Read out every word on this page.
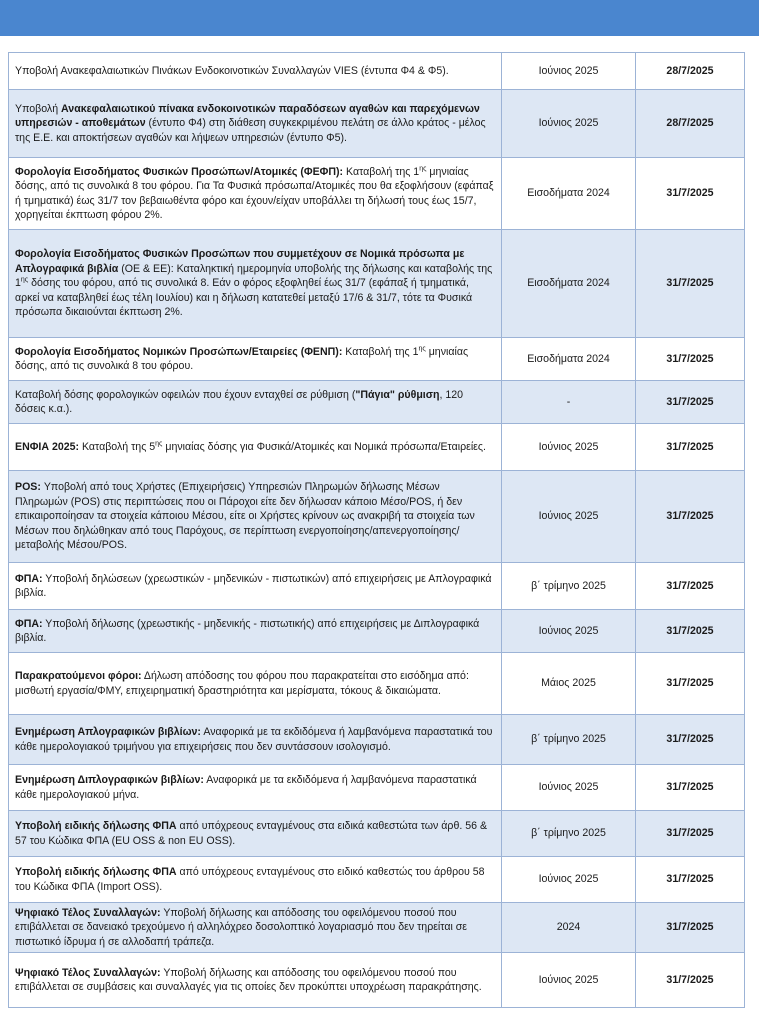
Υποβολή Ανακεφαλαιωτικών Πινάκων Ενδοκοινοτικών Συναλλαγών VIES (έντυπα Φ4 & Φ5).	Ιούνιος 2025	28/7/2025
Υποβολή Ανακεφαλαιωτικού πίνακα ενδοκοινοτικών παραδόσεων αγαθών και παρεχόμενων υπηρεσιών - αποθεμάτων (έντυπο Φ4) στη διάθεση συγκεκριμένου πελάτη σε άλλο κράτος - μέλος της Ε.Ε. και αποκτήσεων αγαθών και λήψεων υπηρεσιών (έντυπο Φ5).	Ιούνιος 2025	28/7/2025
Φορολογία Εισοδήματος Φυσικών Προσώπων/Ατομικές (ΦΕΦΠ): Καταβολή της $1^{\eta\varsigma}$ μηνιαίας δόσης, από τις συνολικά 8 του φόρου. Για Τα Φυσικά πρόσωπα/Ατομικές που θα εξοφλήσουν (εφάπαξ ή τμηματικά) έως 31/7 τον βεβαιωθέντα φόρο και έχουν/είχαν υποβάλλει τη δήλωσή τους έως 15/7, χορηγείται έκπτωση φόρου 2%.	Εισοδήματα 2024	31/7/2025
Φορολογία Εισοδήματος Φυσικών Προσώπων που συμμετέχουν σε Νομικά πρόσωπα με Απλογραφικά βιβλία (ΟΕ & ΕΕ): Καταληκτική ημερομηνία υποβολής της δήλωσης και καταβολής της $1^{\eta\varsigma}$ δόσης του φόρου, από τις συνολικά 8. Εάν ο φόρος εξοφληθεί έως 31/7 (εφάπαξ ή τμηματικά, αρκεί να καταβληθεί έως τέλη Ιουλίου) και η δήλωση κατατεθεί μεταξύ 17/6 & 31/7, τότε τα Φυσικά πρόσωπα δικαιούνται έκπτωση 2%.	Εισοδήματα 2024	31/7/2025
Φορολογία Εισοδήματος Νομικών Προσώπων/Εταιρείες (ΦΕΝΠ): Καταβολή της $1^{\eta\varsigma}$ μηνιαίας δόσης, από τις συνολικά 8 του φόρου.	Εισοδήματα 2024	31/7/2025
Καταβολή δόσης φορολογικών οφειλών που έχουν ενταχθεί σε ρύθμιση ("Πάγια" ρύθμιση, 120 δόσεις κ.α.).	-	31/7/2025
ΕΝΦΙΑ 2025: Καταβολή της $5^{\eta\varsigma}$ μηνιαίας δόσης για Φυσικά/Ατομικές και Νομικά πρόσωπα/Εταιρείες.	Ιούνιος 2025	31/7/2025
POS: Υποβολή από τους Χρήστες (Επιχειρήσεις) Υπηρεσιών Πληρωμών δήλωσης Μέσων Πληρωμών (POS) στις περιπτώσεις που οι Πάροχοι είτε δεν δήλωσαν κάποιο Μέσο/POS, ή δεν επικαιροποίησαν τα στοιχεία κάποιου Μέσου, είτε οι Χρήστες κρίνουν ως ανακριβή τα στοιχεία των Μέσων που δηλώθηκαν από τους Παρόχους, σε περίπτωση ενεργοποίησης/απενεργοποίησης/μεταβολής Μέσου/POS.	Ιούνιος 2025	31/7/2025
ΦΠΑ: Υποβολή δηλώσεων (χρεωστικών - μηδενικών - πιστωτικών) από επιχειρήσεις με Απλογραφικά βιβλία.	β΄ τρίμηνο 2025	31/7/2025
ΦΠΑ: Υποβολή δήλωσης (χρεωστικής - μηδενικής - πιστωτικής) από επιχειρήσεις με Διπλογραφικά βιβλία.	Ιούνιος 2025	31/7/2025
Παρακρατούμενοι φόροι: Δήλωση απόδοσης του φόρου που παρακρατείται στο εισόδημα από: μισθωτή εργασία/ΦΜΥ, επιχειρηματική δραστηριότητα και μερίσματα, τόκους & δικαιώματα.	Μάιος 2025	31/7/2025
Ενημέρωση Απλογραφικών βιβλίων: Αναφορικά με τα εκδιδόμενα ή λαμβανόμενα παραστατικά του κάθε ημερολογιακού τριμήνου για επιχειρήσεις που δεν συντάσσουν ισολογισμό.	β΄ τρίμηνο 2025	31/7/2025
Ενημέρωση Διπλογραφικών βιβλίων: Αναφορικά με τα εκδιδόμενα ή λαμβανόμενα παραστατικά κάθε ημερολογιακού μήνα.	Ιούνιος 2025	31/7/2025
Υποβολή ειδικής δήλωσης ΦΠΑ από υπόχρεους ενταγμένους στα ειδικά καθεστώτα των άρθ. 56 & 57 του Κώδικα ΦΠΑ (EU OSS & non EU OSS).	β΄ τρίμηνο 2025	31/7/2025
Υποβολή ειδικής δήλωσης ΦΠΑ από υπόχρεους ενταγμένους στο ειδικό καθεστώς του άρθρου 58 του Κώδικα ΦΠΑ (Import OSS).	Ιούνιος 2025	31/7/2025
Ψηφιακό Τέλος Συναλλαγών: Υποβολή δήλωσης και απόδοσης του οφειλόμενου ποσού που επιβάλλεται σε δανειακό τρεχούμενο ή αλληλόχρεο δοσολοπτικό λογαριασμό που δεν τηρείται σε πιστωτικό ίδρυμα ή σε αλλοδαπή τράπεζα.	2024	31/7/2025
Ψηφιακό Τέλος Συναλλαγών: Υποβολή δήλωσης και απόδοσης του οφειλόμενου ποσού που επιβάλλεται σε συμβάσεις και συναλλαγές για τις οποίες δεν προκύπτει υποχρέωση παρακράτησης.	Ιούνιος 2025	31/7/2025
